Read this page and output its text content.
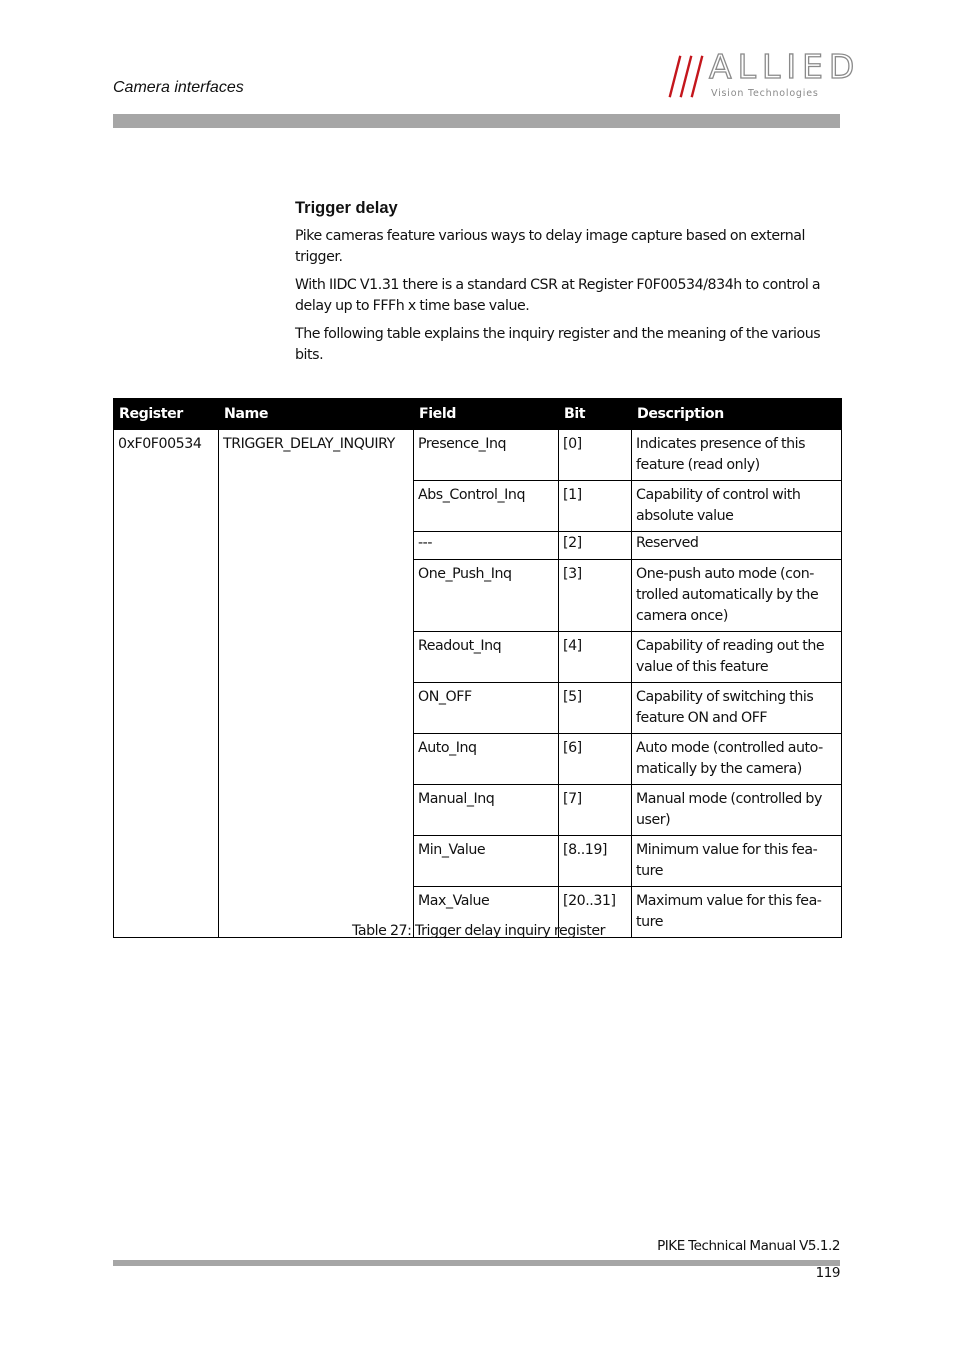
Camera interfaces
ALLIED
Vision Technologies
Trigger delay

Pike cameras feature various ways to delay image capture based on external trigger.

With IIDC V1.31 there is a standard CSR at Register F0F00534/834h to control a delay up to FFFh x time base value.

The following table explains the inquiry register and the meaning of the various bits.

Register	Name	Field	Bit	Description
0xF0F00534	TRIGGER_DELAY_INQUIRY	Presence_Inq	[0]	Indicates presence of this feature (read only)
		Abs_Control_Inq	[1]	Capability of control with absolute value
		---	[2]	Reserved
		One_Push_Inq	[3]	One-push auto mode (con-trolled automatically by the camera once)
		Readout_Inq	[4]	Capability of reading out the value of this feature
		ON_OFF	[5]	Capability of switching this feature ON and OFF
		Auto_Inq	[6]	Auto mode (controlled auto-matically by the camera)
		Manual_Inq	[7]	Manual mode (controlled by user)
		Min_Value	[8..19]	Minimum value for this fea-ture
		Max_Value	[20..31]	Maximum value for this fea-ture
Table 27: Trigger delay inquiry register
PIKE Technical Manual V5.1.2
119
